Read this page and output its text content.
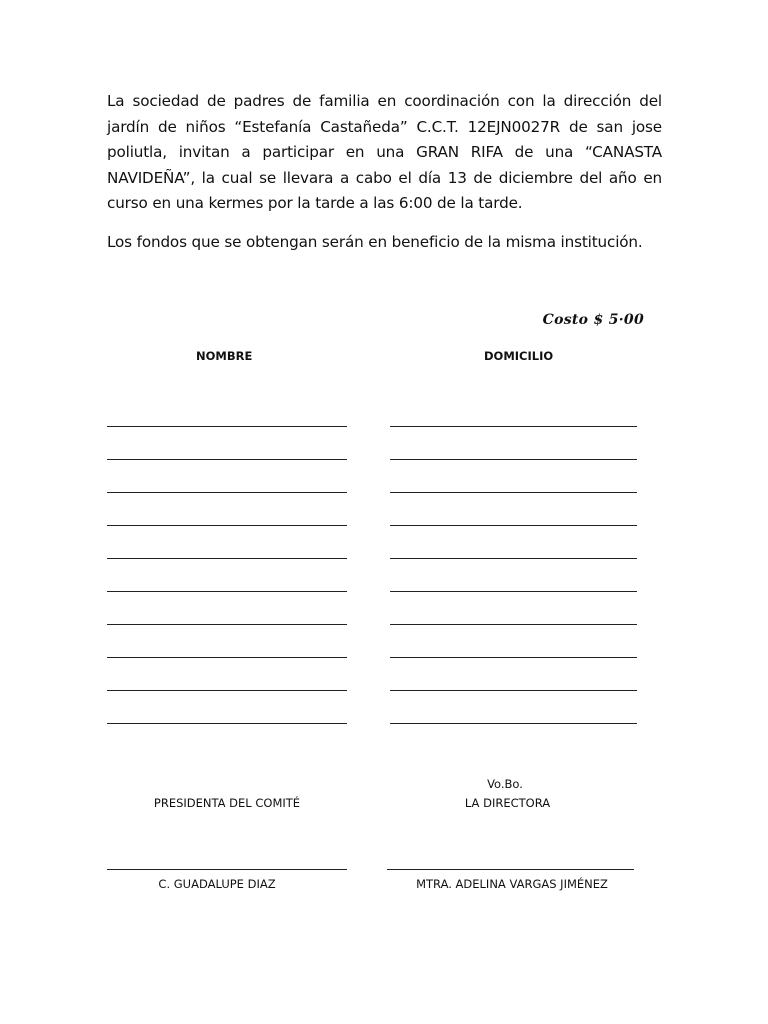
La sociedad de padres de familia en coordinación con la dirección del jardín de niños “Estefanía Castañeda” C.C.T. 12EJN0027R de san jose poliutla, invitan a participar en una GRAN RIFA de una “CANASTA NAVIDEÑA”, la cual se llevara a cabo el día 13 de diciembre del año en curso en una kermes por la tarde a las 6:00 de la tarde.

Los fondos que se obtengan serán en beneficio de la misma institución.

Costo $ 5·00
NOMBRE	DOMICILIO
Vo.Bo.
PRESIDENTA DEL COMITÉ	LA DIRECTORA
C. GUADALUPE DIAZ	MTRA. ADELINA VARGAS JIMÉNEZ
